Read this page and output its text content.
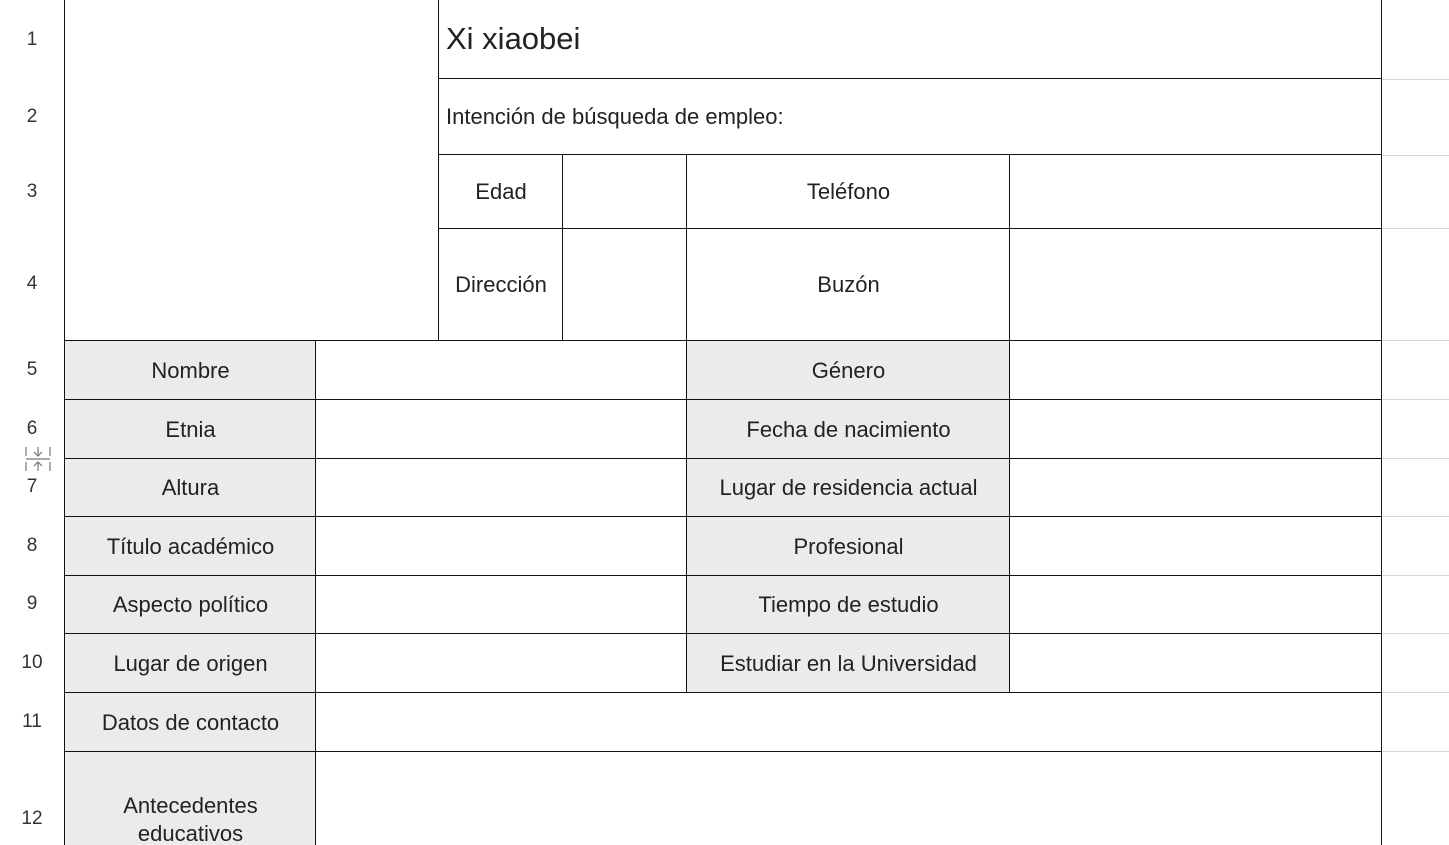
1
2
3
4
5
6
7
8
9
10
11
12
Xi xiaobei
Intención de búsqueda de empleo:
Edad	Teléfono
Dirección	Buzón
Nombre	Género
Etnia	Fecha de nacimiento
Altura	Lugar de residencia actual
Título académico	Profesional
Aspecto político	Tiempo de estudio
Lugar de origen	Estudiar en la Universidad
Datos de contacto
Antecedentes educativos
